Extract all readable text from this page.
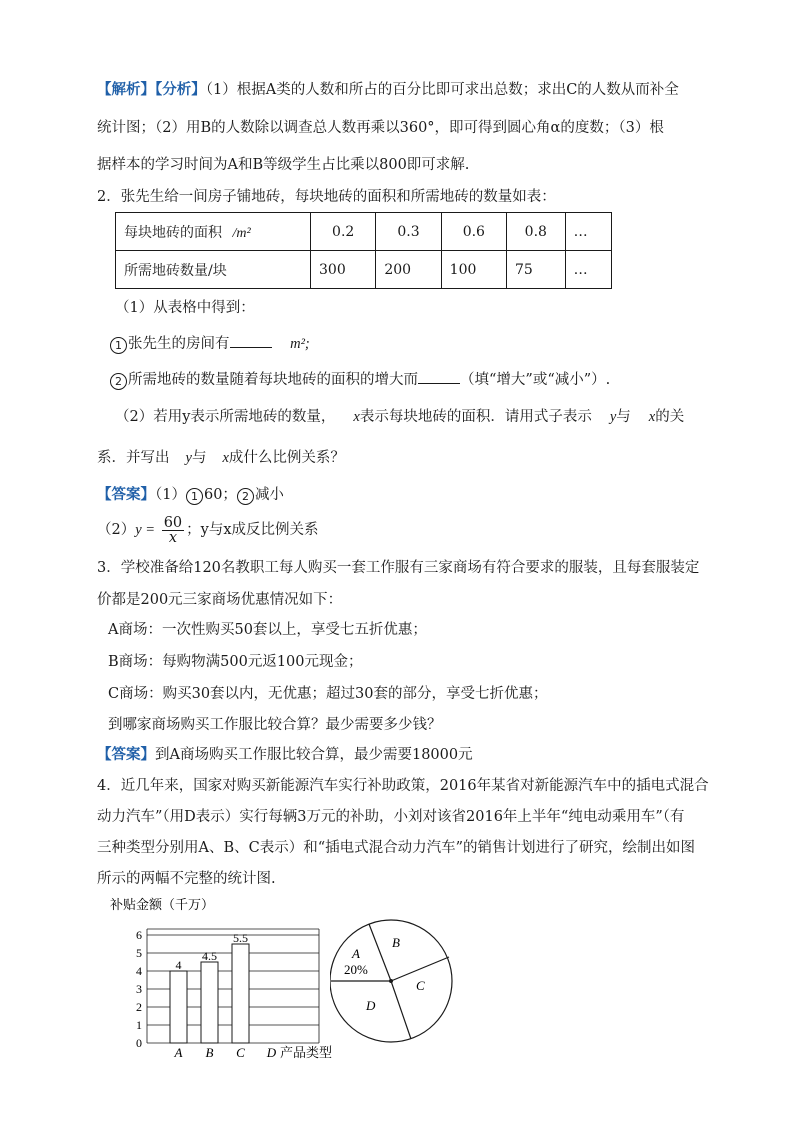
【解析】【分析】（1）根据A类的人数和所占的百分比即可求出总数；求出C的人数从而补全
统计图；（2）用B的人数除以调查总人数再乘以360°，即可得到圆心角α的度数；（3）根
据样本的学习时间为A和B等级学生占比乘以800即可求解.
2．张先生给一间房子铺地砖，每块地砖的面积和所需地砖的数量如表：
每块地砖的面积 /m²	0.2	0.3	0.6	0.8	…
所需地砖数量/块	300	200	100	75	…
（1）从表格中得到：
1 张先生的房间有	m²;
2 所需地砖的数量随着每块地砖的面积的增大而	（填“增大”或“减小”）.
（2）若用y表示所需地砖的数量， x表示每块地砖的面积．请用式子表示 y与 x的关
系．并写出 y与 x成什么比例关系？
【答案】（1） 1 60； 2 减小
$(2)y = \frac{60}{x}$ ；y与x成反比例关系
3．学校准备给120名教职工每人购买一套工作服有三家商场有符合要求的服装，且每套服装定
价都是200元三家商场优惠情况如下：
A商场：一次性购买50套以上，享受七五折优惠；
B商场：每购物满500元返100元现金；
C商场：购买30套以内，无优惠；超过30套的部分，享受七折优惠；
到哪家商场购买工作服比较合算？最少需要多少钱？
【答案】到A商场购买工作服比较合算，最少需要18000元
4．近几年来，国家对购买新能源汽车实行补助政策，2016年某省对新能源汽车中的插电式混合
动力汽车”（用D表示）实行每辆3万元的补助，小刘对该省2016年上半年“纯电动乘用车”（有
三种类型分别用A、B、C表示）和“插电式混合动力汽车”的销售计划进行了研究，绘制出如图
所示的两幅不完整的统计图.
补贴金额（千万）
产品类型
0
1
2
3
4
5
6
4
4.5
5.5
A B C D
A
20%
B
C
D
